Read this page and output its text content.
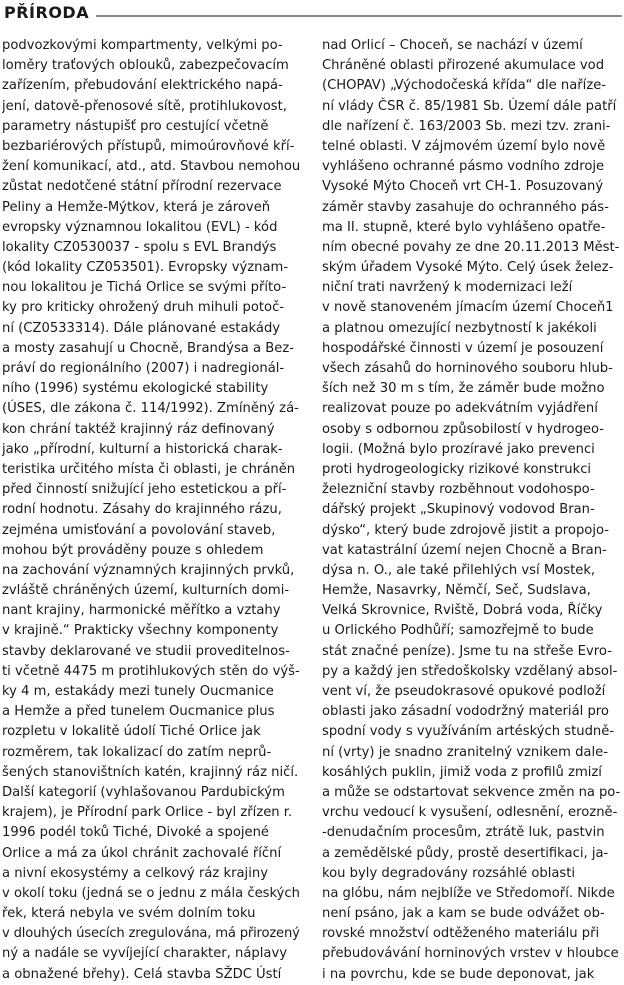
PŘÍRODA
podvozkovými kompartmenty, velkými po-
loměry traťových oblouků, zabezpečovacím
zařízením, přebudování elektrického napá-
jení, datově-přenosové sítě, protihlukovost,
parametry nástupišť pro cestující včetně
bezbariérových přístupů, mimoúrovňové kří-
žení komunikací, atd., atd. Stavbou nemohou
zůstat nedotčené státní přírodní rezervace
Peliny a Hemže-Mýtkov, která je zároveň
evropsky významnou lokalitou (EVL) - kód
lokality CZ0530037 - spolu s EVL Brandýs
(kód lokality CZ053501). Evropsky význam-
nou lokalitou je Tichá Orlice se svými příto-
ky pro kriticky ohrožený druh mihuli potoč-
ní (CZ0533314). Dále plánované estakády
a mosty zasahují u Chocně, Brandýsa a Bez-
práví do regionálního (2007) i nadregionál-
ního (1996) systému ekologické stability
(ÚSES, dle zákona č. 114/1992). Zmíněný zá-
kon chrání taktéž krajinný ráz definovaný
jako „přírodní, kulturní a historická charak-
teristika určitého místa či oblasti, je chráněn
před činností snižující jeho estetickou a pří-
rodní hodnotu. Zásahy do krajinného rázu,
zejména umisťování a povolování staveb,
mohou být prováděny pouze s ohledem
na zachování významných krajinných prvků,
zvláště chráněných území, kulturních domi-
nant krajiny, harmonické měřítko a vztahy
v krajině.“ Prakticky všechny komponenty
stavby deklarované ve studii proveditelnos-
ti včetně 4475 m protihlukových stěn do výš-
ky 4 m, estakády mezi tunely Oucmanice
a Hemže a před tunelem Oucmanice plus
rozpletu v lokalitě údolí Tiché Orlice jak
rozměrem, tak lokalizací do zatím neprů-
šených stanovištních katén, krajinný ráz ničí.
Další kategorií (vyhlašovanou Pardubickým
krajem), je Přírodní park Orlice - byl zřízen r.
1996 podél toků Tiché, Divoké a spojené
Orlice a má za úkol chránit zachovalé říční
a nivní ekosystémy a celkový ráz krajiny
v okolí toku (jedná se o jednu z mála českých
řek, která nebyla ve svém dolním toku
v dlouhých úsecích zregulována, má přirozený
ný a nadále se vyvíjející charakter, náplavy
a obnažené břehy). Celá stavba SŽDC Ústí
nad Orlicí – Choceň, se nachází v území
Chráněné oblasti přirozené akumulace vod
(CHOPAV) „Východočeská křída“ dle naříze-
ní vlády ČSR č. 85/1981 Sb. Území dále patří
dle nařízení č. 163/2003 Sb. mezi tzv. zrani-
telné oblasti. V zájmovém území bylo nově
vyhlášeno ochranné pásmo vodního zdroje
Vysoké Mýto Choceň vrt CH-1. Posuzovaný
záměr stavby zasahuje do ochranného pás-
ma II. stupně, které bylo vyhlášeno opatře-
ním obecné povahy ze dne 20.11.2013 Měst-
ským úřadem Vysoké Mýto. Celý úsek želez-
niční trati navržený k modernizaci leží
v nově stanoveném jímacím území Choceň1
a platnou omezující nezbytností k jakékoli
hospodářské činnosti v území je posouzení
všech zásahů do horninového souboru hlub-
ších než 30 m s tím, že záměr bude možno
realizovat pouze po adekvátním vyjádření
osoby s odbornou způsobilostí v hydrogeo-
logii. (Možná bylo prozíravé jako prevenci
proti hydrogeologicky rizikové konstrukci
železniční stavby rozběhnout vodohospo-
dářský projekt „Skupinový vodovod Bran-
dýsko“, který bude zdrojově jistit a propojo-
vat katastrální území nejen Chocně a Bran-
dýsa n. O., ale také přilehlých vsí Mostek,
Hemže, Nasavrky, Němčí, Seč, Sudslava,
Velká Skrovnice, Rviště, Dobrá voda, Říčky
u Orlického Podhůří; samozřejmě to bude
stát značné peníze). Jsme tu na střeše Evro-
py a každý jen středoškolsky vzdělaný absol-
vent ví, že pseudokrasové opukové podloží
oblasti jako zásadní vododržný materiál pro
spodní vody s využíváním artéských studně-
ní (vrty) je snadno zranitelný vznikem dale-
kosáhlých puklin, jimiž voda z profilů zmizí
a může se odstartovat sekvence změn na po-
vrchu vedoucí k vysušení, odlesnění, erozně-
-denudačním procesům, ztrátě luk, pastvin
a zemědělské půdy, prostě desertifikaci, ja-
kou byly degradovány rozsáhlé oblasti
na glóbu, nám nejblíže ve Středomoří. Nikde
není psáno, jak a kam se bude odvážet ob-
rovské množství odtěženého materiálu při
přebudovávání horninových vrstev v hloubce
i na povrchu, kde se bude deponovat, jak
